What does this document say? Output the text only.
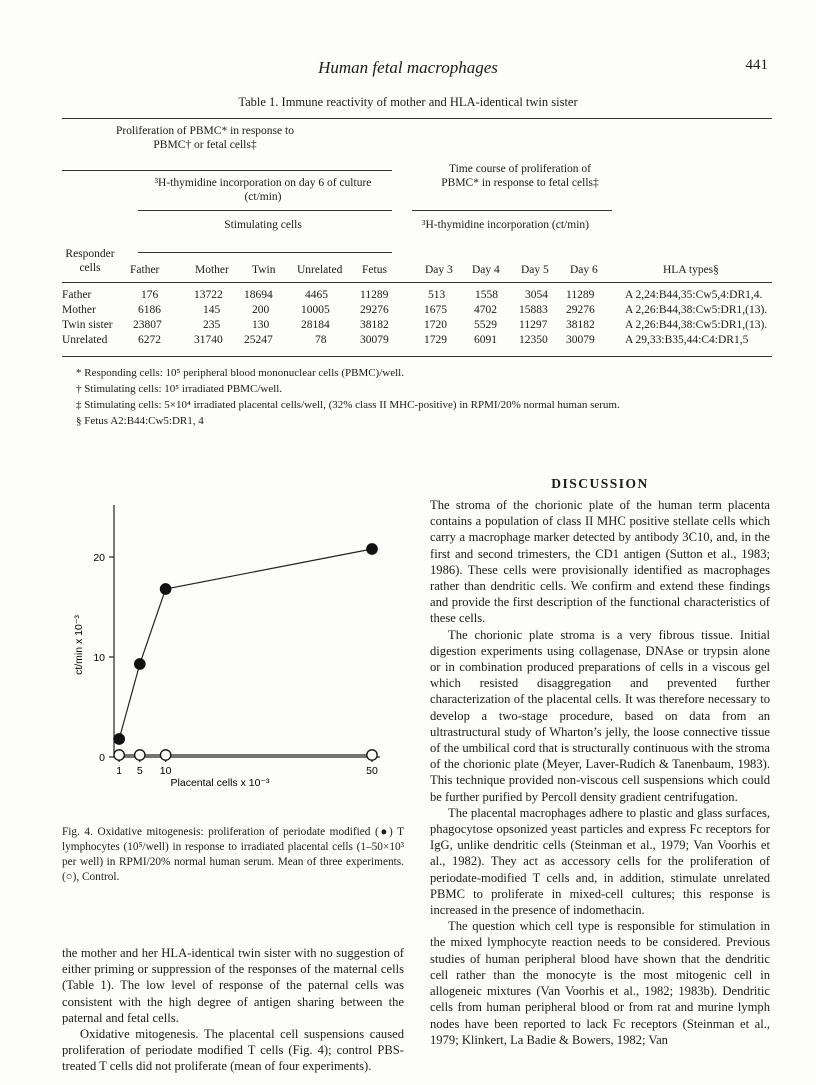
Human fetal macrophages	441
Table 1. Immune reactivity of mother and HLA-identical twin sister
Proliferation of PBMC* in response to PBMC† or fetal cells‡
Time course of proliferation of PBMC* in response to fetal cells‡
³H-thymidine incorporation on day 6 of culture (ct/min)
Stimulating cells	³H-thymidine incorporation (ct/min)
Responder cells	Father	Mother Twin Unrelated Fetus	Day 3 Day 4 Day 5 Day 6	HLA types§
Father	176	13722 18694	4465	11289	513	1558 3054 11289	A 2,24:B44,35:Cw5,4:DR1,4.
Mother	6186	145	200	10005	29276	1675 4702 15883 29276	A 2,26:B44,38:Cw5:DR1,(13).
Twin sister 23807	235	130	28184	38182	1720 5529 11297 38182	A 2,26:B44,38:Cw5:DR1,(13).
Unrelated	6272	31740 25247	78	30079	1729 6091 12350 30079	A 29,33:B35,44:C4:DR1,5
* Responding cells: 10⁵ peripheral blood mononuclear cells (PBMC)/well.
† Stimulating cells: 10⁵ irradiated PBMC/well.
‡ Stimulating cells: 5×10⁴ irradiated placental cells/well, (32% class II MHC-positive) in RPMI/20% normal human serum.
§ Fetus A2:B44:Cw5:DR1, 4
0
10
20
1 5 10	50
ct/min x 10⁻³
Placental cells x 10⁻³
Fig. 4. Oxidative mitogenesis: proliferation of periodate modified (●) T lymphocytes (10⁵/well) in response to irradiated placental cells (1–50×10³ per well) in RPMI/20% normal human serum. Mean of three experiments. (○), Control.

the mother and her HLA-identical twin sister with no suggestion of either priming or suppression of the responses of the maternal cells (Table 1). The low level of response of the paternal cells was consistent with the high degree of antigen sharing between the paternal and fetal cells.

Oxidative mitogenesis. The placental cell suspensions caused proliferation of periodate modified T cells (Fig. 4); control PBS-treated T cells did not proliferate (mean of four experiments).

DISCUSSION

The stroma of the chorionic plate of the human term placenta contains a population of class II MHC positive stellate cells which carry a macrophage marker detected by antibody 3C10, and, in the first and second trimesters, the CD1 antigen (Sutton et al., 1983; 1986). These cells were provisionally identified as macrophages rather than dendritic cells. We confirm and extend these findings and provide the first description of the functional characteristics of these cells.

The chorionic plate stroma is a very fibrous tissue. Initial digestion experiments using collagenase, DNAse or trypsin alone or in combination produced preparations of cells in a viscous gel which resisted disaggregation and prevented further characterization of the placental cells. It was therefore necessary to develop a two-stage procedure, based on data from an ultrastructural study of Wharton’s jelly, the loose connective tissue of the umbilical cord that is structurally continuous with the stroma of the chorionic plate (Meyer, Laver-Rudich & Tanenbaum, 1983). This technique provided non-viscous cell suspensions which could be further purified by Percoll density gradient centrifugation.

The placental macrophages adhere to plastic and glass surfaces, phagocytose opsonized yeast particles and express Fc receptors for IgG, unlike dendritic cells (Steinman et al., 1979; Van Voorhis et al., 1982). They act as accessory cells for the proliferation of periodate-modified T cells and, in addition, stimulate unrelated PBMC to proliferate in mixed-cell cultures; this response is increased in the presence of indomethacin.

The question which cell type is responsible for stimulation in the mixed lymphocyte reaction needs to be considered. Previous studies of human peripheral blood have shown that the dendritic cell rather than the monocyte is the most mitogenic cell in allogeneic mixtures (Van Voorhis et al., 1982; 1983b). Dendritic cells from human peripheral blood or from rat and murine lymph nodes have been reported to lack Fc receptors (Steinman et al., 1979; Klinkert, La Badie & Bowers, 1982; Van
